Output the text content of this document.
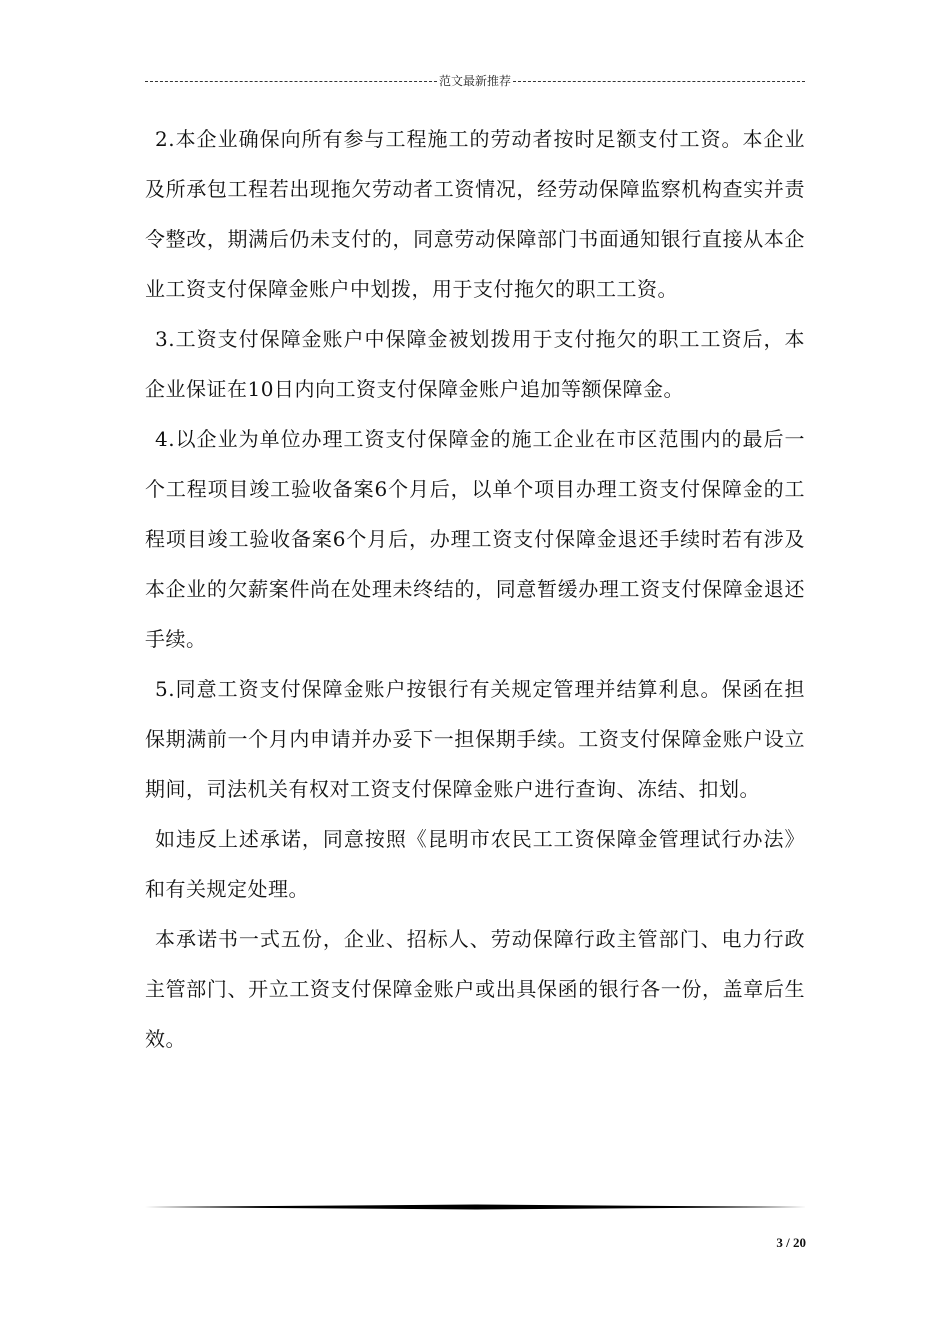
范文最新推荐

2.本企业确保向所有参与工程施工的劳动者按时足额支付工资。本企业及所承包工程若出现拖欠劳动者工资情况，经劳动保障监察机构查实并责令整改，期满后仍未支付的，同意劳动保障部门书面通知银行直接从本企业工资支付保障金账户中划拨，用于支付拖欠的职工工资。

3.工资支付保障金账户中保障金被划拨用于支付拖欠的职工工资后，本企业保证在10日内向工资支付保障金账户追加等额保障金。

4.以企业为单位办理工资支付保障金的施工企业在市区范围内的最后一个工程项目竣工验收备案6个月后，以单个项目办理工资支付保障金的工程项目竣工验收备案6个月后，办理工资支付保障金退还手续时若有涉及本企业的欠薪案件尚在处理未终结的，同意暂缓办理工资支付保障金退还手续。

5.同意工资支付保障金账户按银行有关规定管理并结算利息。保函在担保期满前一个月内申请并办妥下一担保期手续。工资支付保障金账户设立期间，司法机关有权对工资支付保障金账户进行查询、冻结、扣划。

如违反上述承诺，同意按照《昆明市农民工工资保障金管理试行办法》和有关规定处理。

本承诺书一式五份，企业、招标人、劳动保障行政主管部门、电力行政主管部门、开立工资支付保障金账户或出具保函的银行各一份，盖章后生效。

3 / 20
